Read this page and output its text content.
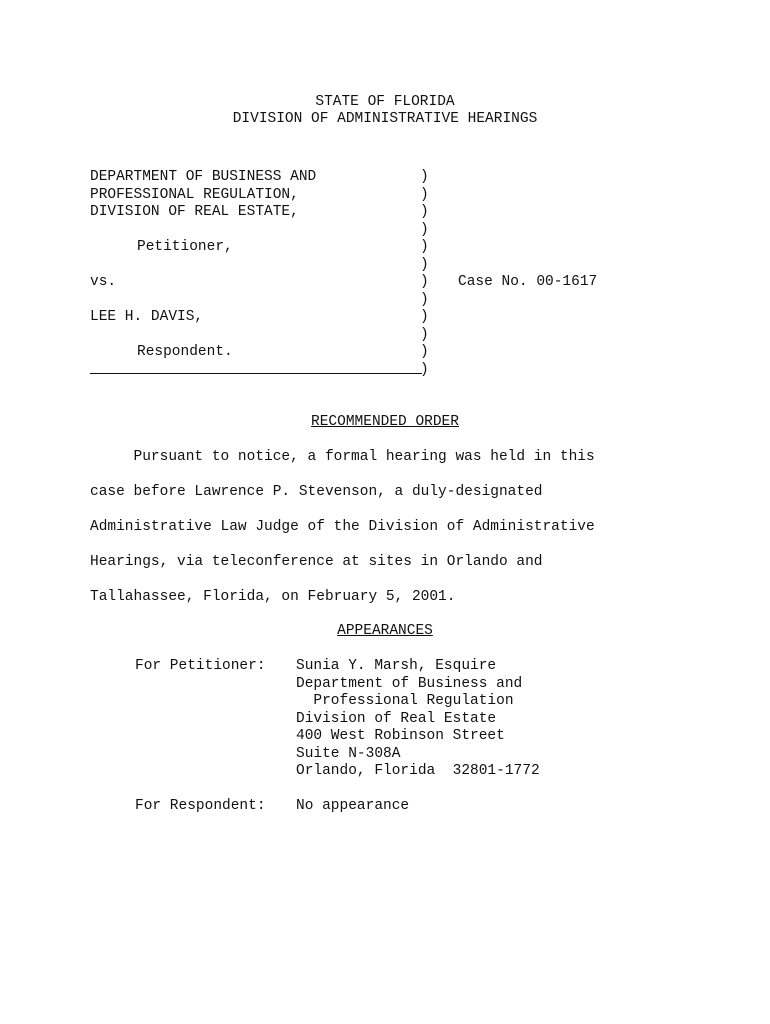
STATE OF FLORIDA
DIVISION OF ADMINISTRATIVE HEARINGS
DEPARTMENT OF BUSINESS AND
PROFESSIONAL REGULATION,
DIVISION OF REAL ESTATE,
Petitioner,
vs.
LEE H. DAVIS,
Respondent.
)
)
)
)
)
)
)
)
)
)
)
)
Case No. 00-1617
RECOMMENDED ORDER
Pursuant to notice, a formal hearing was held in this
case before Lawrence P. Stevenson, a duly-designated
Administrative Law Judge of the Division of Administrative
Hearings, via teleconference at sites in Orlando and
Tallahassee, Florida, on February 5, 2001.
APPEARANCES
For Petitioner: Sunia Y. Marsh, Esquire
Department of Business and
Professional Regulation
Division of Real Estate
400 West Robinson Street
Suite N-308A
Orlando, Florida  32801-1772
For Respondent: No appearance
